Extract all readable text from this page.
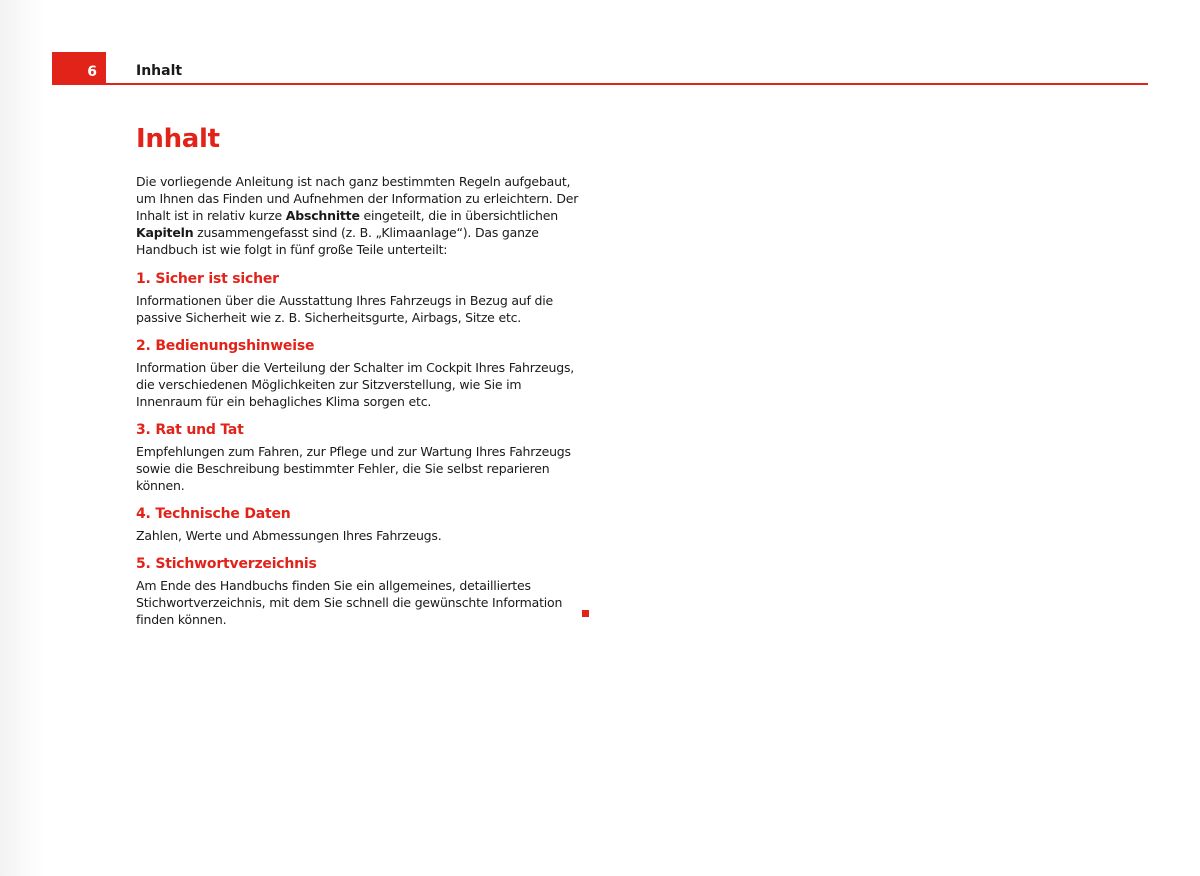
6	Inhalt
Inhalt

Die vorliegende Anleitung ist nach ganz bestimmten Regeln aufgebaut, um Ihnen das Finden und Aufnehmen der Information zu erleichtern. Der Inhalt ist in relativ kurze Abschnitte eingeteilt, die in übersichtlichen Kapiteln zusammengefasst sind (z. B. „Klimaanlage“). Das ganze Handbuch ist wie folgt in fünf große Teile unterteilt:

1. Sicher ist sicher

Informationen über die Ausstattung Ihres Fahrzeugs in Bezug auf die passive Sicherheit wie z. B. Sicherheitsgurte, Airbags, Sitze etc.

2. Bedienungshinweise

Information über die Verteilung der Schalter im Cockpit Ihres Fahrzeugs, die verschiedenen Möglichkeiten zur Sitzverstellung, wie Sie im Innenraum für ein behagliches Klima sorgen etc.

3. Rat und Tat

Empfehlungen zum Fahren, zur Pflege und zur Wartung Ihres Fahrzeugs sowie die Beschreibung bestimmter Fehler, die Sie selbst reparieren können.

4. Technische Daten

Zahlen, Werte und Abmessungen Ihres Fahrzeugs.

5. Stichwortverzeichnis

Am Ende des Handbuchs finden Sie ein allgemeines, detailliertes Stichwortverzeichnis, mit dem Sie schnell die gewünschte Information finden können.
